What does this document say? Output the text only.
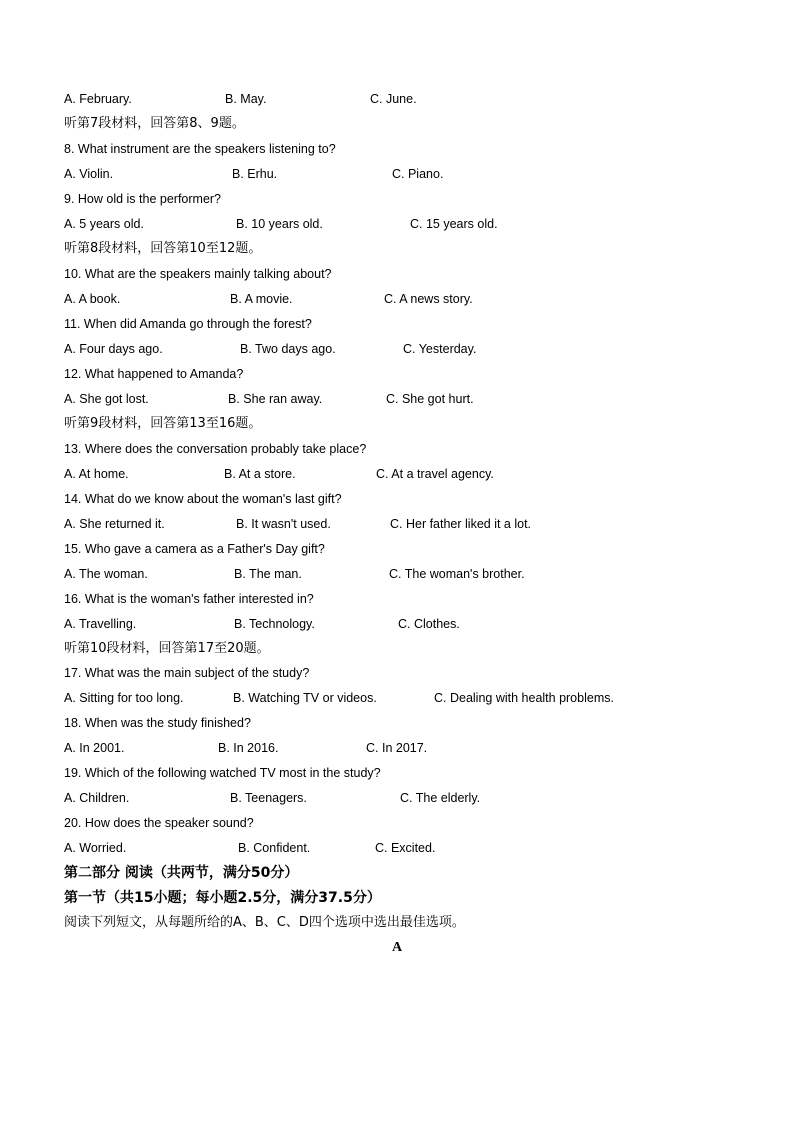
A. February.	B. May.	C. June.
听第7段材料，回答第8、9题。
8. What instrument are the speakers listening to?
A. Violin.	B. Erhu.	C. Piano.
9. How old is the performer?
A. 5 years old.	B. 10 years old.	C. 15 years old.
听第8段材料，回答第10至12题。
10. What are the speakers mainly talking about?
A. A book.	B. A movie.	C. A news story.
11. When did Amanda go through the forest?
A. Four days ago.	B. Two days ago.	C. Yesterday.
12. What happened to Amanda?
A. She got lost.	B. She ran away.	C. She got hurt.
听第9段材料，回答第13至16题。
13. Where does the conversation probably take place?
A. At home.	B. At a store.	C. At a travel agency.
14. What do we know about the woman's last gift?
A. She returned it.	B. It wasn't used.	C. Her father liked it a lot.
15. Who gave a camera as a Father's Day gift?
A. The woman.	B. The man.	C. The woman's brother.
16. What is the woman's father interested in?
A. Travelling.	B. Technology.	C. Clothes.
听第10段材料，回答第17至20题。
17. What was the main subject of the study?
A. Sitting for too long.	B. Watching TV or videos.	C. Dealing with health problems.
18. When was the study finished?
A. In 2001.	B. In 2016.	C. In 2017.
19. Which of the following watched TV most in the study?
A. Children.	B. Teenagers.	C. The elderly.
20. How does the speaker sound?
A. Worried.	B. Confident.	C. Excited.
第二部分 阅读（共两节，满分50分）
第一节（共15小题；每小题2.5分，满分37.5分）
阅读下列短文，从每题所给的A、B、C、D四个选项中选出最佳选项。
A
